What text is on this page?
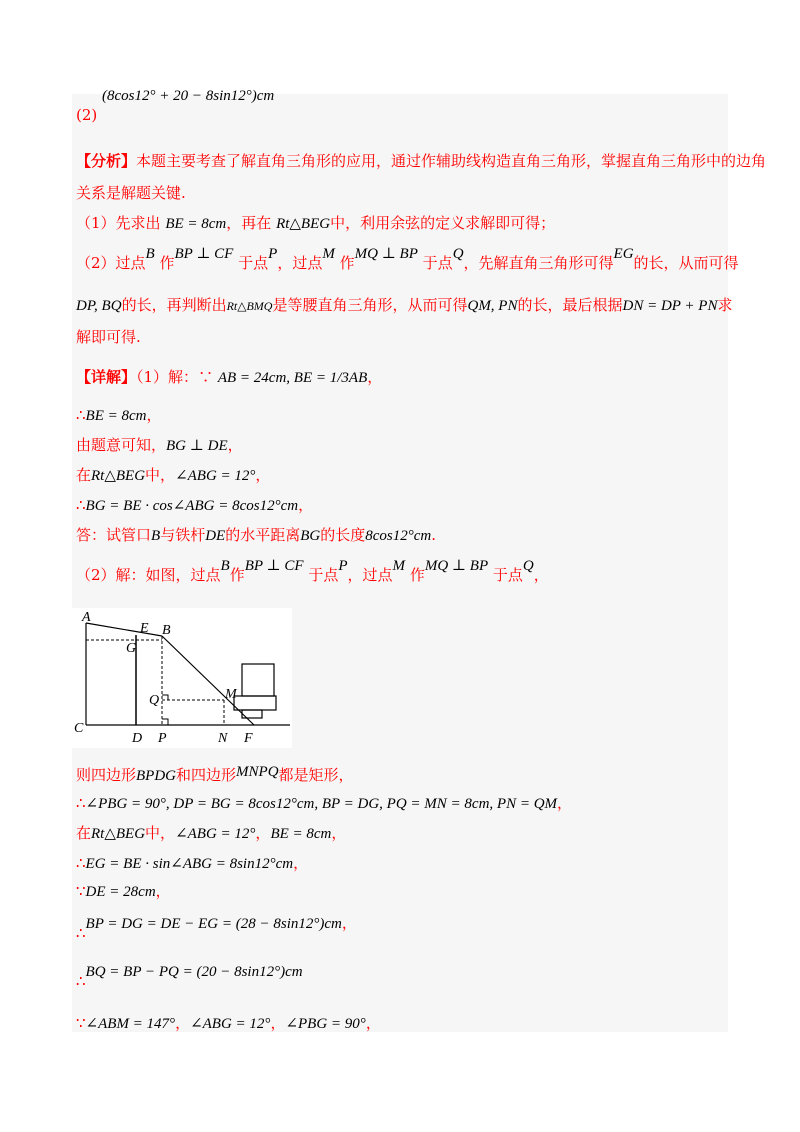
(2) (8cos12° + 20 − 8sin12°)cm
【分析】本题主要考查了解直角三角形的应用，通过作辅助线构造直角三角形，掌握直角三角形中的边角
关系是解题关键.
（1）先求出 BE = 8cm，再在 Rt△BEG中，利用余弦的定义求解即可得；
（2）过点B 作BP ⊥ CF 于点P，过点M 作MQ ⊥ BP 于点Q，先解直角三角形可得EG的长，从而可得
DP, BQ的长，再判断出Rt△BMQ是等腰直角三角形，从而可得QM, PN的长，最后根据DN = DP + PN求
解即可得.
【详解】（1）解：∵ AB = 24cm, BE = 1/3AB，
∴BE = 8cm，
由题意可知，BG ⊥ DE，
在Rt△BEG中，∠ABG = 12°，
∴BG = BE · cos∠ABG = 8cos12°cm，
答：试管口B与铁杆DE的水平距离BG的长度8cos12°cm.
（2）解：如图，过点B作BP ⊥ CF 于点P，过点M 作MQ ⊥ BP 于点Q，
A
E B
G
M
Q
C
D P	N F
则四边形BPDG和四边形MNPQ都是矩形，
∴∠PBG = 90°, DP = BG = 8cos12°cm, BP = DG, PQ = MN = 8cm, PN = QM，
在Rt△BEG中，∠ABG = 12°，BE = 8cm，
∴EG = BE · sin∠ABG = 8sin12°cm，
∵DE = 28cm，
∴BP = DG = DE − EG = (28 − 8sin12°)cm，
∴BQ = BP − PQ = (20 − 8sin12°)cm
∵∠ABM = 147°，∠ABG = 12°，∠PBG = 90°，
